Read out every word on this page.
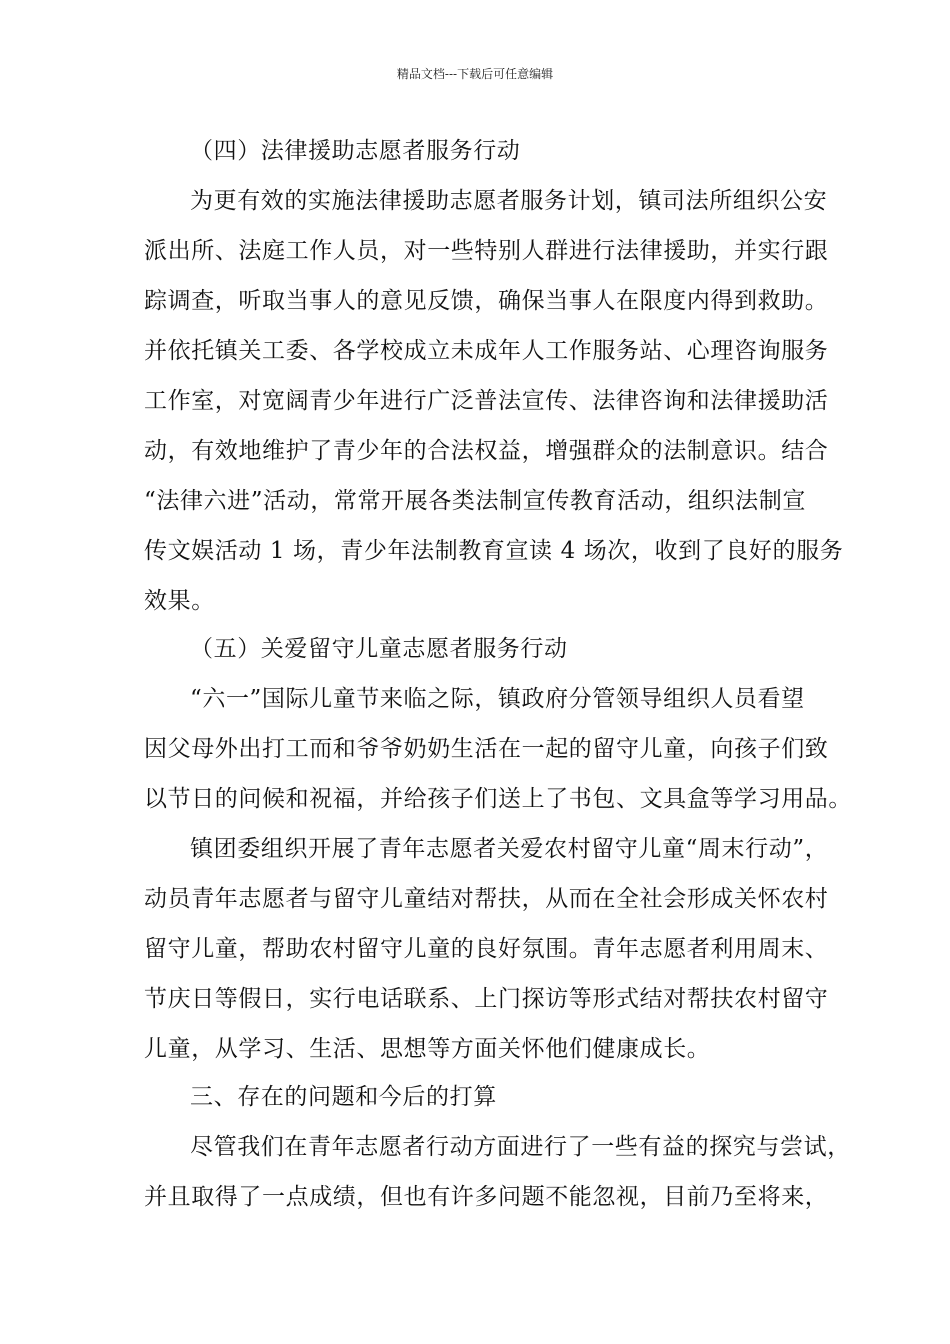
精品文档---下载后可任意编辑
（四）法律援助志愿者服务行动
为更有效的实施法律援助志愿者服务计划，镇司法所组织公安
派出所、法庭工作人员，对一些特别人群进行法律援助，并实行跟
踪调查，听取当事人的意见反馈，确保当事人在限度内得到救助。
并依托镇关工委、各学校成立未成年人工作服务站、心理咨询服务
工作室，对宽阔青少年进行广泛普法宣传、法律咨询和法律援助活
动，有效地维护了青少年的合法权益，增强群众的法制意识。结合
“法律六进”活动，常常开展各类法制宣传教育活动，组织法制宣
传文娱活动 1 场，青少年法制教育宣读 4 场次，收到了良好的服务
效果。
（五）关爱留守儿童志愿者服务行动
“六一”国际儿童节来临之际，镇政府分管领导组织人员看望
因父母外出打工而和爷爷奶奶生活在一起的留守儿童，向孩子们致
以节日的问候和祝福，并给孩子们送上了书包、文具盒等学习用品。
镇团委组织开展了青年志愿者关爱农村留守儿童“周末行动”，
动员青年志愿者与留守儿童结对帮扶，从而在全社会形成关怀农村
留守儿童，帮助农村留守儿童的良好氛围。青年志愿者利用周末、
节庆日等假日，实行电话联系、上门探访等形式结对帮扶农村留守
儿童，从学习、生活、思想等方面关怀他们健康成长。
三、存在的问题和今后的打算
尽管我们在青年志愿者行动方面进行了一些有益的探究与尝试，
并且取得了一点成绩，但也有许多问题不能忽视，目前乃至将来，
